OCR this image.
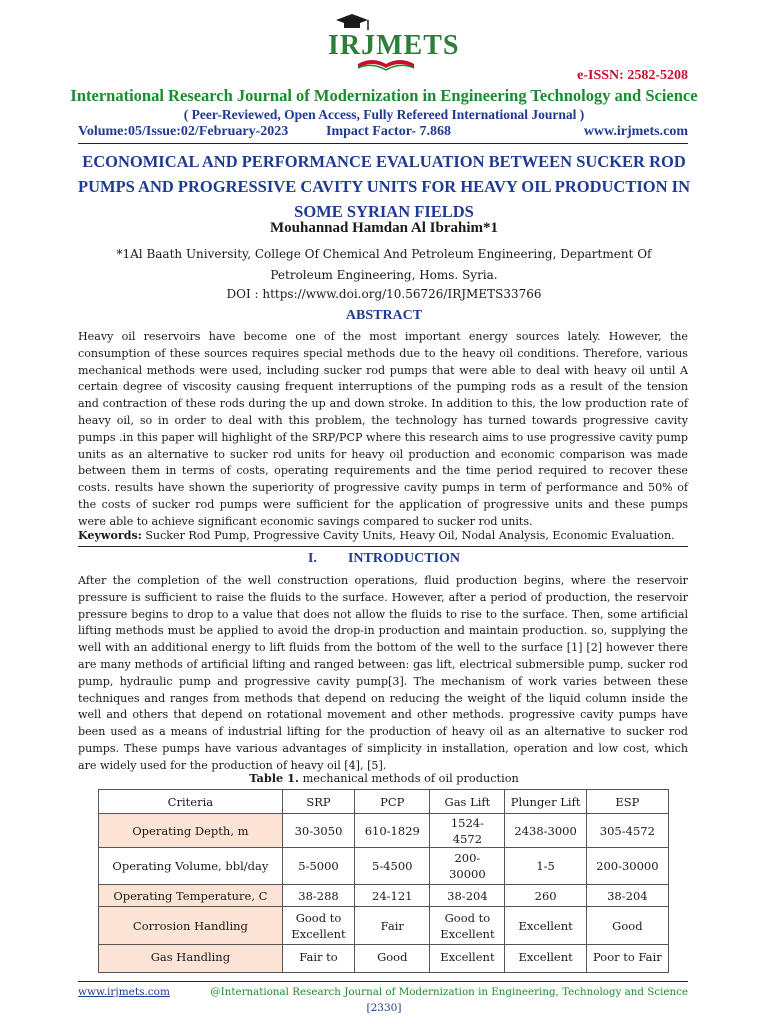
IRJMETS
e-ISSN: 2582-5208
International Research Journal of Modernization in Engineering Technology and Science
( Peer-Reviewed, Open Access, Fully Refereed International Journal )
Volume:05/Issue:02/February-2023	Impact Factor- 7.868	www.irjmets.com
ECONOMICAL AND PERFORMANCE EVALUATION BETWEEN SUCKER ROD PUMPS AND PROGRESSIVE CAVITY UNITS FOR HEAVY OIL PRODUCTION IN SOME SYRIAN FIELDS
Mouhannad Hamdan Al Ibrahim*1
*1Al Baath University, College Of Chemical And Petroleum Engineering, Department Of Petroleum Engineering, Homs. Syria.
DOI : https://www.doi.org/10.56726/IRJMETS33766
ABSTRACT
Heavy oil reservoirs have become one of the most important energy sources lately. However, the consumption of these sources requires special methods due to the heavy oil conditions. Therefore, various mechanical methods were used, including sucker rod pumps that were able to deal with heavy oil until A certain degree of viscosity causing frequent interruptions of the pumping rods as a result of the tension and contraction of these rods during the up and down stroke. In addition to this, the low production rate of heavy oil, so in order to deal with this problem, the technology has turned towards progressive cavity pumps .in this paper will highlight of the SRP/PCP where this research aims to use progressive cavity pump units as an alternative to sucker rod units for heavy oil production and economic comparison was made between them in terms of costs, operating requirements and the time period required to recover these costs. results have shown the superiority of progressive cavity pumps in term of performance and 50% of the costs of sucker rod pumps were sufficient for the application of progressive units and these pumps were able to achieve significant economic savings compared to sucker rod units.
Keywords: Sucker Rod Pump, Progressive Cavity Units, Heavy Oil, Nodal Analysis, Economic Evaluation.
I. INTRODUCTION
After the completion of the well construction operations, fluid production begins, where the reservoir pressure is sufficient to raise the fluids to the surface. However, after a period of production, the reservoir pressure begins to drop to a value that does not allow the fluids to rise to the surface. Then, some artificial lifting methods must be applied to avoid the drop-in production and maintain production. so, supplying the well with an additional energy to lift fluids from the bottom of the well to the surface [1] [2] however there are many methods of artificial lifting and ranged between: gas lift, electrical submersible pump, sucker rod pump, hydraulic pump and progressive cavity pump[3]. The mechanism of work varies between these techniques and ranges from methods that depend on reducing the weight of the liquid column inside the well and others that depend on rotational movement and other methods. progressive cavity pumps have been used as a means of industrial lifting for the production of heavy oil as an alternative to sucker rod pumps. These pumps have various advantages of simplicity in installation, operation and low cost, which are widely used for the production of heavy oil [4], [5].
Table 1. mechanical methods of oil production
Criteria	SRP	PCP	Gas Lift	Plunger Lift	ESP
Operating Depth, m	30-3050	610-1829	1524-4572	2438-3000	305-4572
Operating Volume, bbl/day	5-5000	5-4500	200-30000	1-5	200-30000
Operating Temperature, C	38-288	24-121	38-204	260	38-204
Corrosion Handling	Good to Excellent	Fair	Good to Excellent	Excellent	Good
Gas Handling	Fair to	Good	Excellent	Excellent	Poor to Fair
www.irjmets.com	@International Research Journal of Modernization in Engineering, Technology and Science
[2330]
